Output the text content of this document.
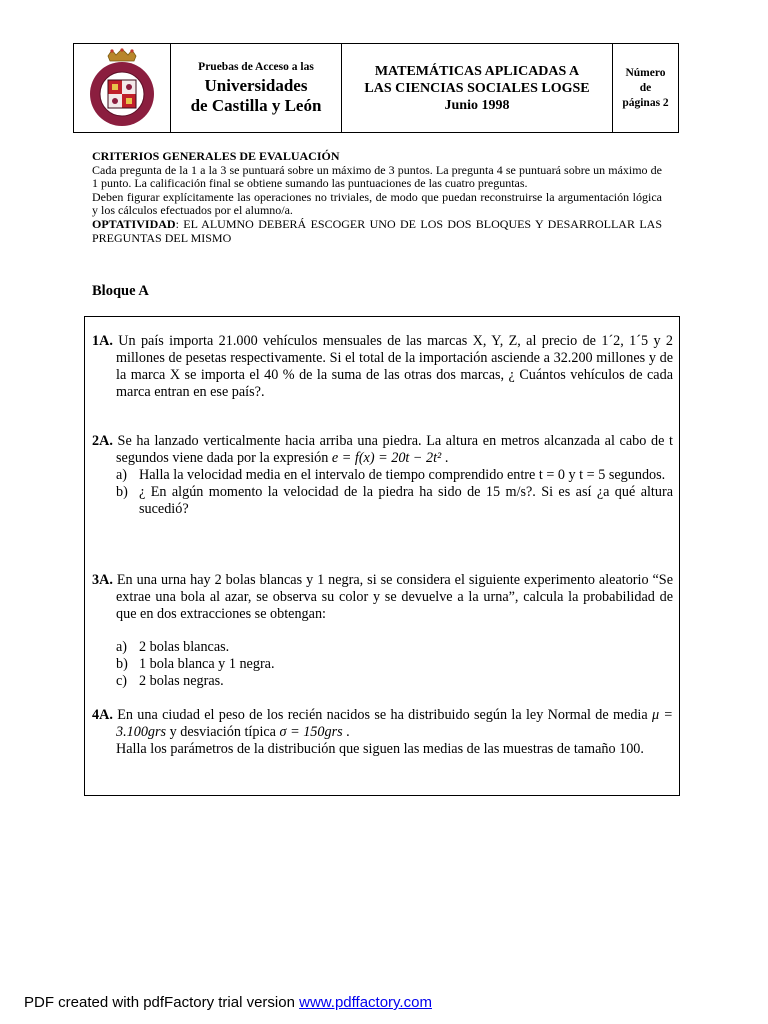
Pruebas de Acceso a las
Universidades
de Castilla y León
MATEMÁTICAS APLICADAS A
LAS CIENCIAS SOCIALES LOGSE
Junio 1998
Número
de
páginas 2

CRITERIOS GENERALES DE EVALUACIÓN

Cada pregunta de la 1 a la 3 se puntuará sobre un máximo de 3 puntos. La pregunta 4 se puntuará sobre un máximo de 1 punto. La calificación final se obtiene sumando las puntuaciones de las cuatro preguntas.

Deben figurar explícitamente las operaciones no triviales, de modo que puedan reconstruirse la argumentación lógica y los cálculos efectuados por el alumno/a.

OPTATIVIDAD: EL ALUMNO DEBERÁ ESCOGER UNO DE LOS DOS BLOQUES Y DESARROLLAR LAS PREGUNTAS DEL MISMO

Bloque A

1A. Un país importa 21.000 vehículos mensuales de las marcas X, Y, Z, al precio de 1´2, 1´5 y 2 millones de pesetas respectivamente. Si el total de la importación asciende a 32.200 millones y de la marca X se importa el 40 % de la suma de las otras dos marcas, ¿ Cuántos vehículos de cada marca entran en ese país?.

2A. Se ha lanzado verticalmente hacia arriba una piedra. La altura en metros alcanzada al cabo de t segundos viene dada por la expresión e = f(x) = 20t − 2t² .

a) Halla la velocidad media en el intervalo de tiempo comprendido entre t = 0 y t = 5 segundos.
b) ¿ En algún momento la velocidad de la piedra ha sido de 15 m/s?. Si es así ¿a qué altura sucedió?

3A. En una urna hay 2 bolas blancas y 1 negra, si se considera el siguiente experimento aleatorio “Se extrae una bola al azar, se observa su color y se devuelve a la urna”, calcula la probabilidad de que en dos extracciones se obtengan:

a) 2 bolas blancas.
b) 1 bola blanca y 1 negra.
c) 2 bolas negras.

4A. En una ciudad el peso de los recién nacidos se ha distribuido según la ley Normal de media μ = 3.100grs y desviación típica σ = 150grs .

Halla los parámetros de la distribución que siguen las medias de las muestras de tamaño 100.

PDF created with pdfFactory trial version www.pdffactory.com
